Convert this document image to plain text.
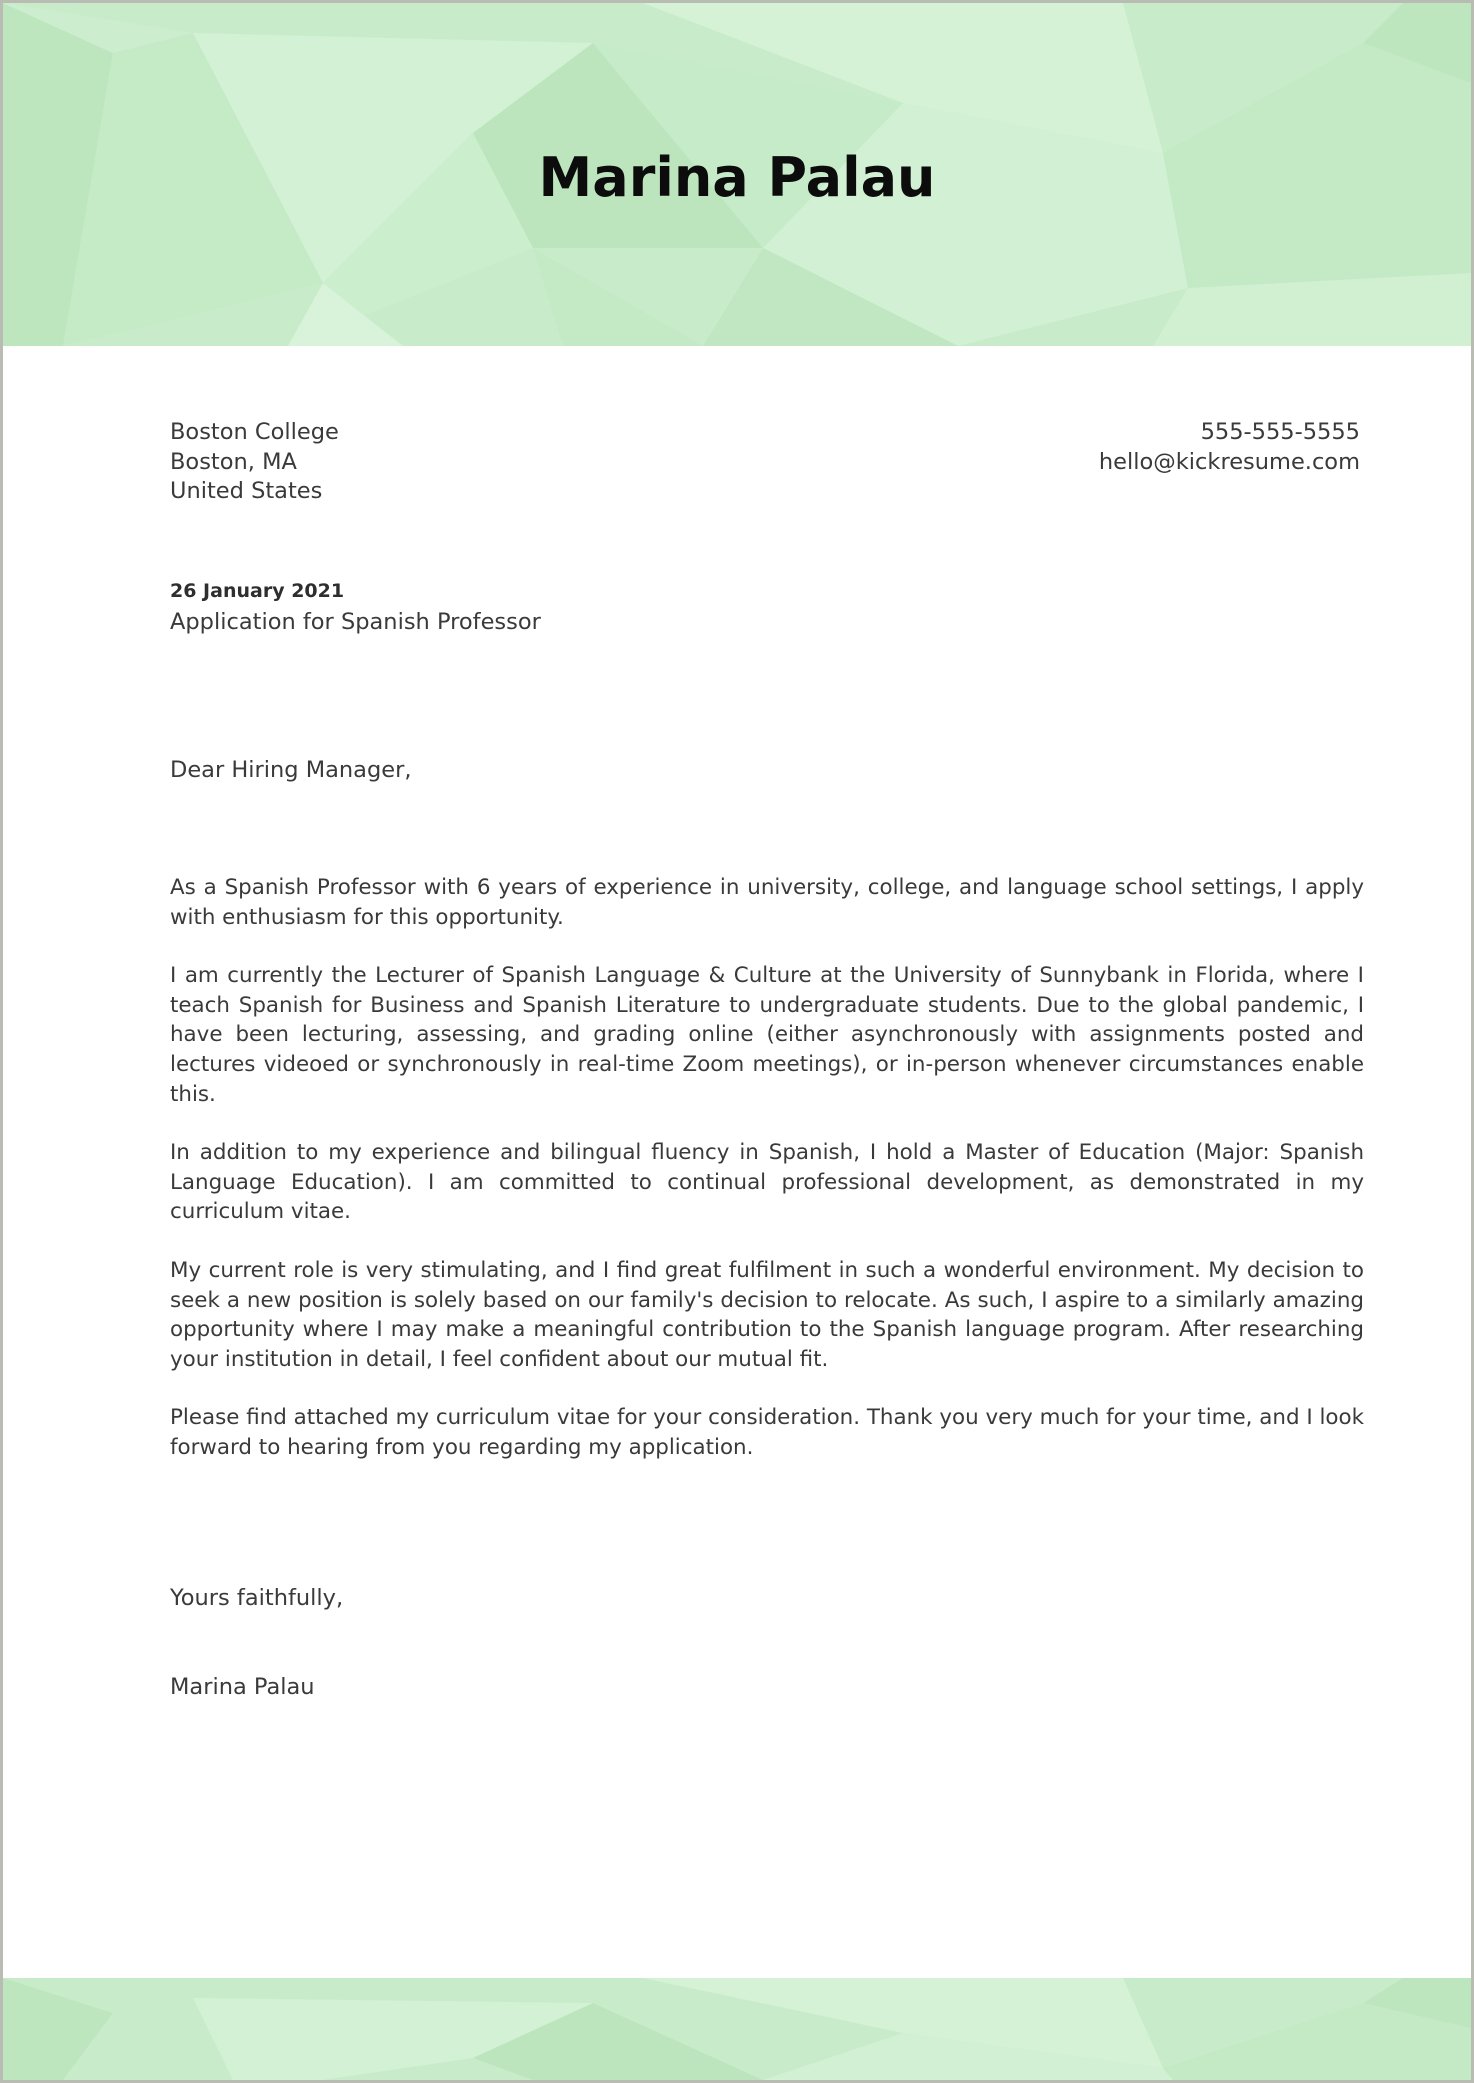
Marina Palau
Boston College
Boston, MA
United States
555-555-5555
hello@kickresume.com
26 January 2021
Application for Spanish Professor
Dear Hiring Manager,

As a Spanish Professor with 6 years of experience in university, college, and language school settings, I apply with enthusiasm for this opportunity.

I am currently the Lecturer of Spanish Language & Culture at the University of Sunnybank in Florida, where I teach Spanish for Business and Spanish Literature to undergraduate students. Due to the global pandemic, I have been lecturing, assessing, and grading online (either asynchronously with assignments posted and lectures videoed or synchronously in real-time Zoom meetings), or in-person whenever circumstances enable this.

In addition to my experience and bilingual fluency in Spanish, I hold a Master of Education (Major: Spanish Language Education). I am committed to continual professional development, as demonstrated in my curriculum vitae.

My current role is very stimulating, and I find great fulfilment in such a wonderful environment. My decision to seek a new position is solely based on our family's decision to relocate. As such, I aspire to a similarly amazing opportunity where I may make a meaningful contribution to the Spanish language program. After researching your institution in detail, I feel confident about our mutual fit.

Please find attached my curriculum vitae for your consideration. Thank you very much for your time, and I look forward to hearing from you regarding my application.

Yours faithfully,
Marina Palau
